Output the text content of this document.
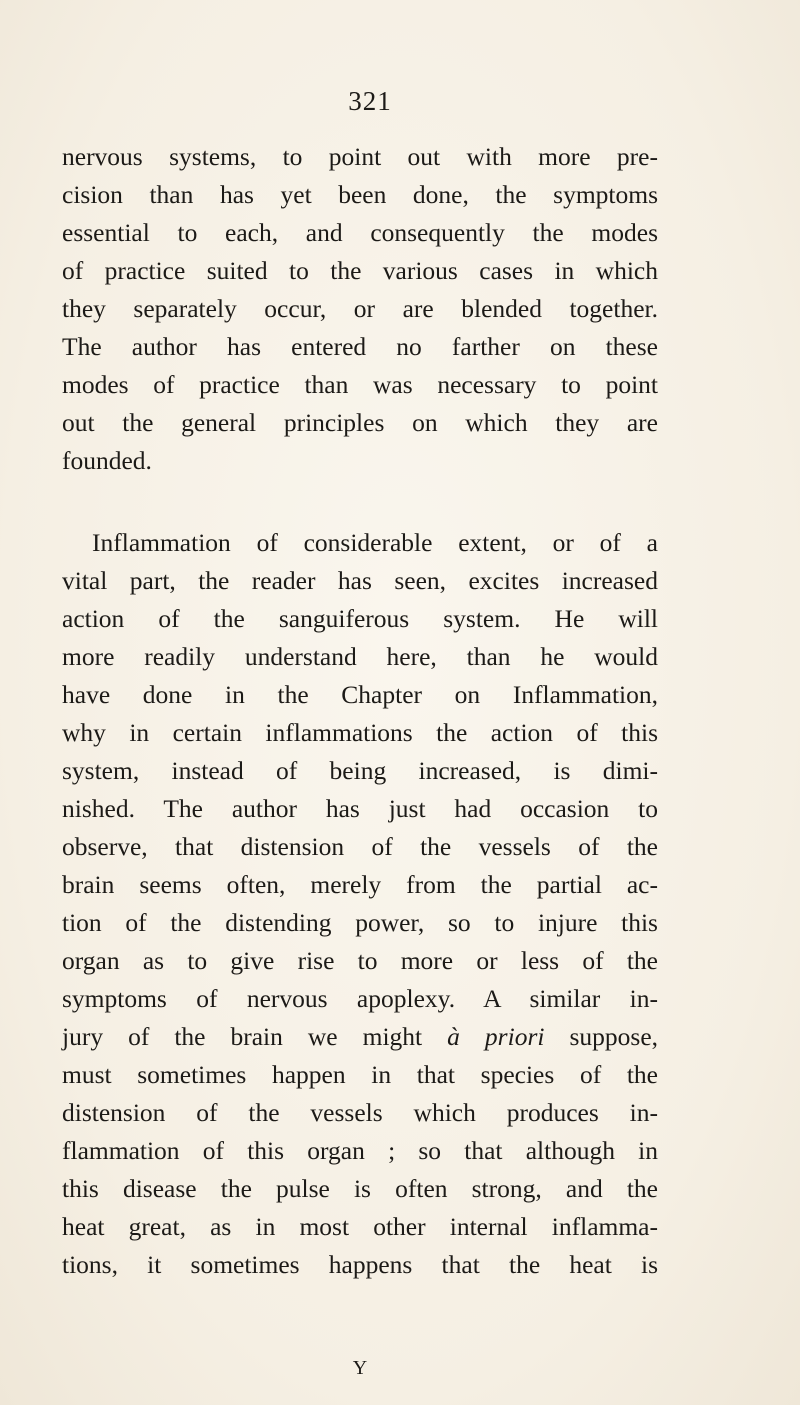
321
nervous systems, to point out with more pre-
cision than has yet been done, the symptoms
essential to each, and consequently the modes
of practice suited to the various cases in which
they separately occur, or are blended together.
The author has entered no farther on these
modes of practice than was necessary to point
out the general principles on which they are
founded.
Inflammation of considerable extent, or of a
vital part, the reader has seen, excites increased
action of the sanguiferous system. He will
more readily understand here, than he would
have done in the Chapter on Inflammation,
why in certain inflammations the action of this
system, instead of being increased, is dimi-
nished. The author has just had occasion to
observe, that distension of the vessels of the
brain seems often, merely from the partial ac-
tion of the distending power, so to injure this
organ as to give rise to more or less of the
symptoms of nervous apoplexy. A similar in-
jury of the brain we might à priori suppose,
must sometimes happen in that species of the
distension of the vessels which produces in-
flammation of this organ ; so that although in
this disease the pulse is often strong, and the
heat great, as in most other internal inflamma-
tions, it sometimes happens that the heat is
Y
